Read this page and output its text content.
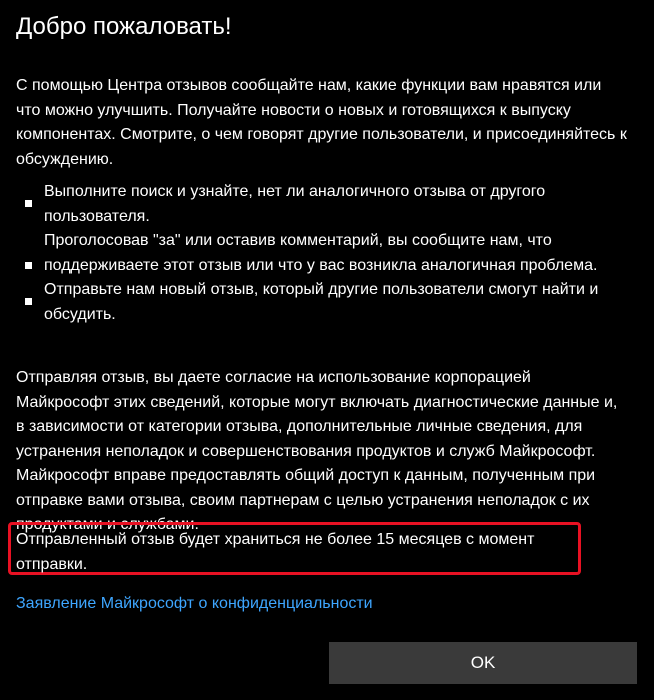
Добро пожаловать!

С помощью Центра отзывов сообщайте нам, какие функции вам нравятся или что можно улучшить. Получайте новости о новых и готовящихся к выпуску компонентах. Смотрите, о чем говорят другие пользователи, и присоединяйтесь к обсуждению.

Выполните поиск и узнайте, нет ли аналогичного отзыва от другого пользователя.
Проголосовав "за" или оставив комментарий, вы сообщите нам, что поддерживаете этот отзыв или что у вас возникла аналогичная проблема.
Отправьте нам новый отзыв, который другие пользователи смогут найти и обсудить.

Отправляя отзыв, вы даете согласие на использование корпорацией Майкрософт этих сведений, которые могут включать диагностические данные и, в зависимости от категории отзыва, дополнительные личные сведения, для устранения неполадок и совершенствования продуктов и служб Майкрософт. Майкрософт вправе предоставлять общий доступ к данным, полученным при отправке вами отзыва, своим партнерам с целью устранения неполадок с их продуктами и службами.

Отправленный отзыв будет храниться не более 15 месяцев с момент отправки.

Заявление Майкрософт о конфиденциальности
OK
